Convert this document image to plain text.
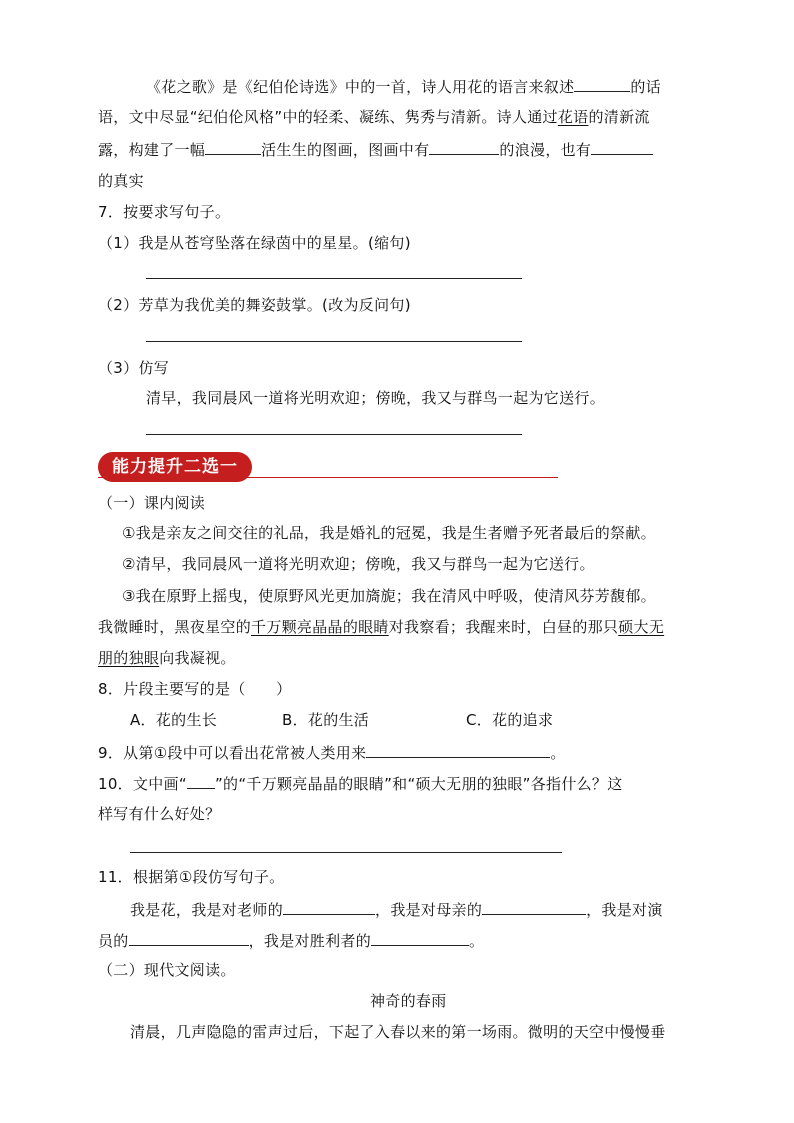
《花之歌》是《纪伯伦诗选》中的一首，诗人用花的语言来叙述	的话
语，文中尽显“纪伯伦风格”中的轻柔、凝练、隽秀与清新。诗人通过花语的清新流
露，构建了一幅	活生生的图画，图画中有	的浪漫，也有
的真实
7．按要求写句子。
（1）我是从苍穹坠落在绿茵中的星星。(缩句)
（2）芳草为我优美的舞姿鼓掌。(改为反问句)
（3）仿写
清早，我同晨风一道将光明欢迎；傍晚，我又与群鸟一起为它送行。
能力提升二选一
（一）课内阅读
①我是亲友之间交往的礼品，我是婚礼的冠冕，我是生者赠予死者最后的祭献。
②清早，我同晨风一道将光明欢迎；傍晚，我又与群鸟一起为它送行。
③我在原野上摇曳，使原野风光更加旖旎；我在清风中呼吸，使清风芬芳馥郁。
我微睡时，黑夜星空的千万颗亮晶晶的眼睛对我察看；我醒来时，白昼的那只硕大无
朋的独眼向我凝视。
8．片段主要写的是（　　）
A．花的生长	B．花的生活	C．花的追求
9．从第①段中可以看出花常被人类用来	。
10．文中画“ ”的“千万颗亮晶晶的眼睛”和“硕大无朋的独眼”各指什么？这
样写有什么好处？
11．根据第①段仿写句子。
我是花，我是对老师的	，我是对母亲的	，我是对演
员的	，我是对胜利者的	。
（二）现代文阅读。
神奇的春雨
清晨，几声隐隐的雷声过后，下起了入春以来的第一场雨。微明的天空中慢慢垂
